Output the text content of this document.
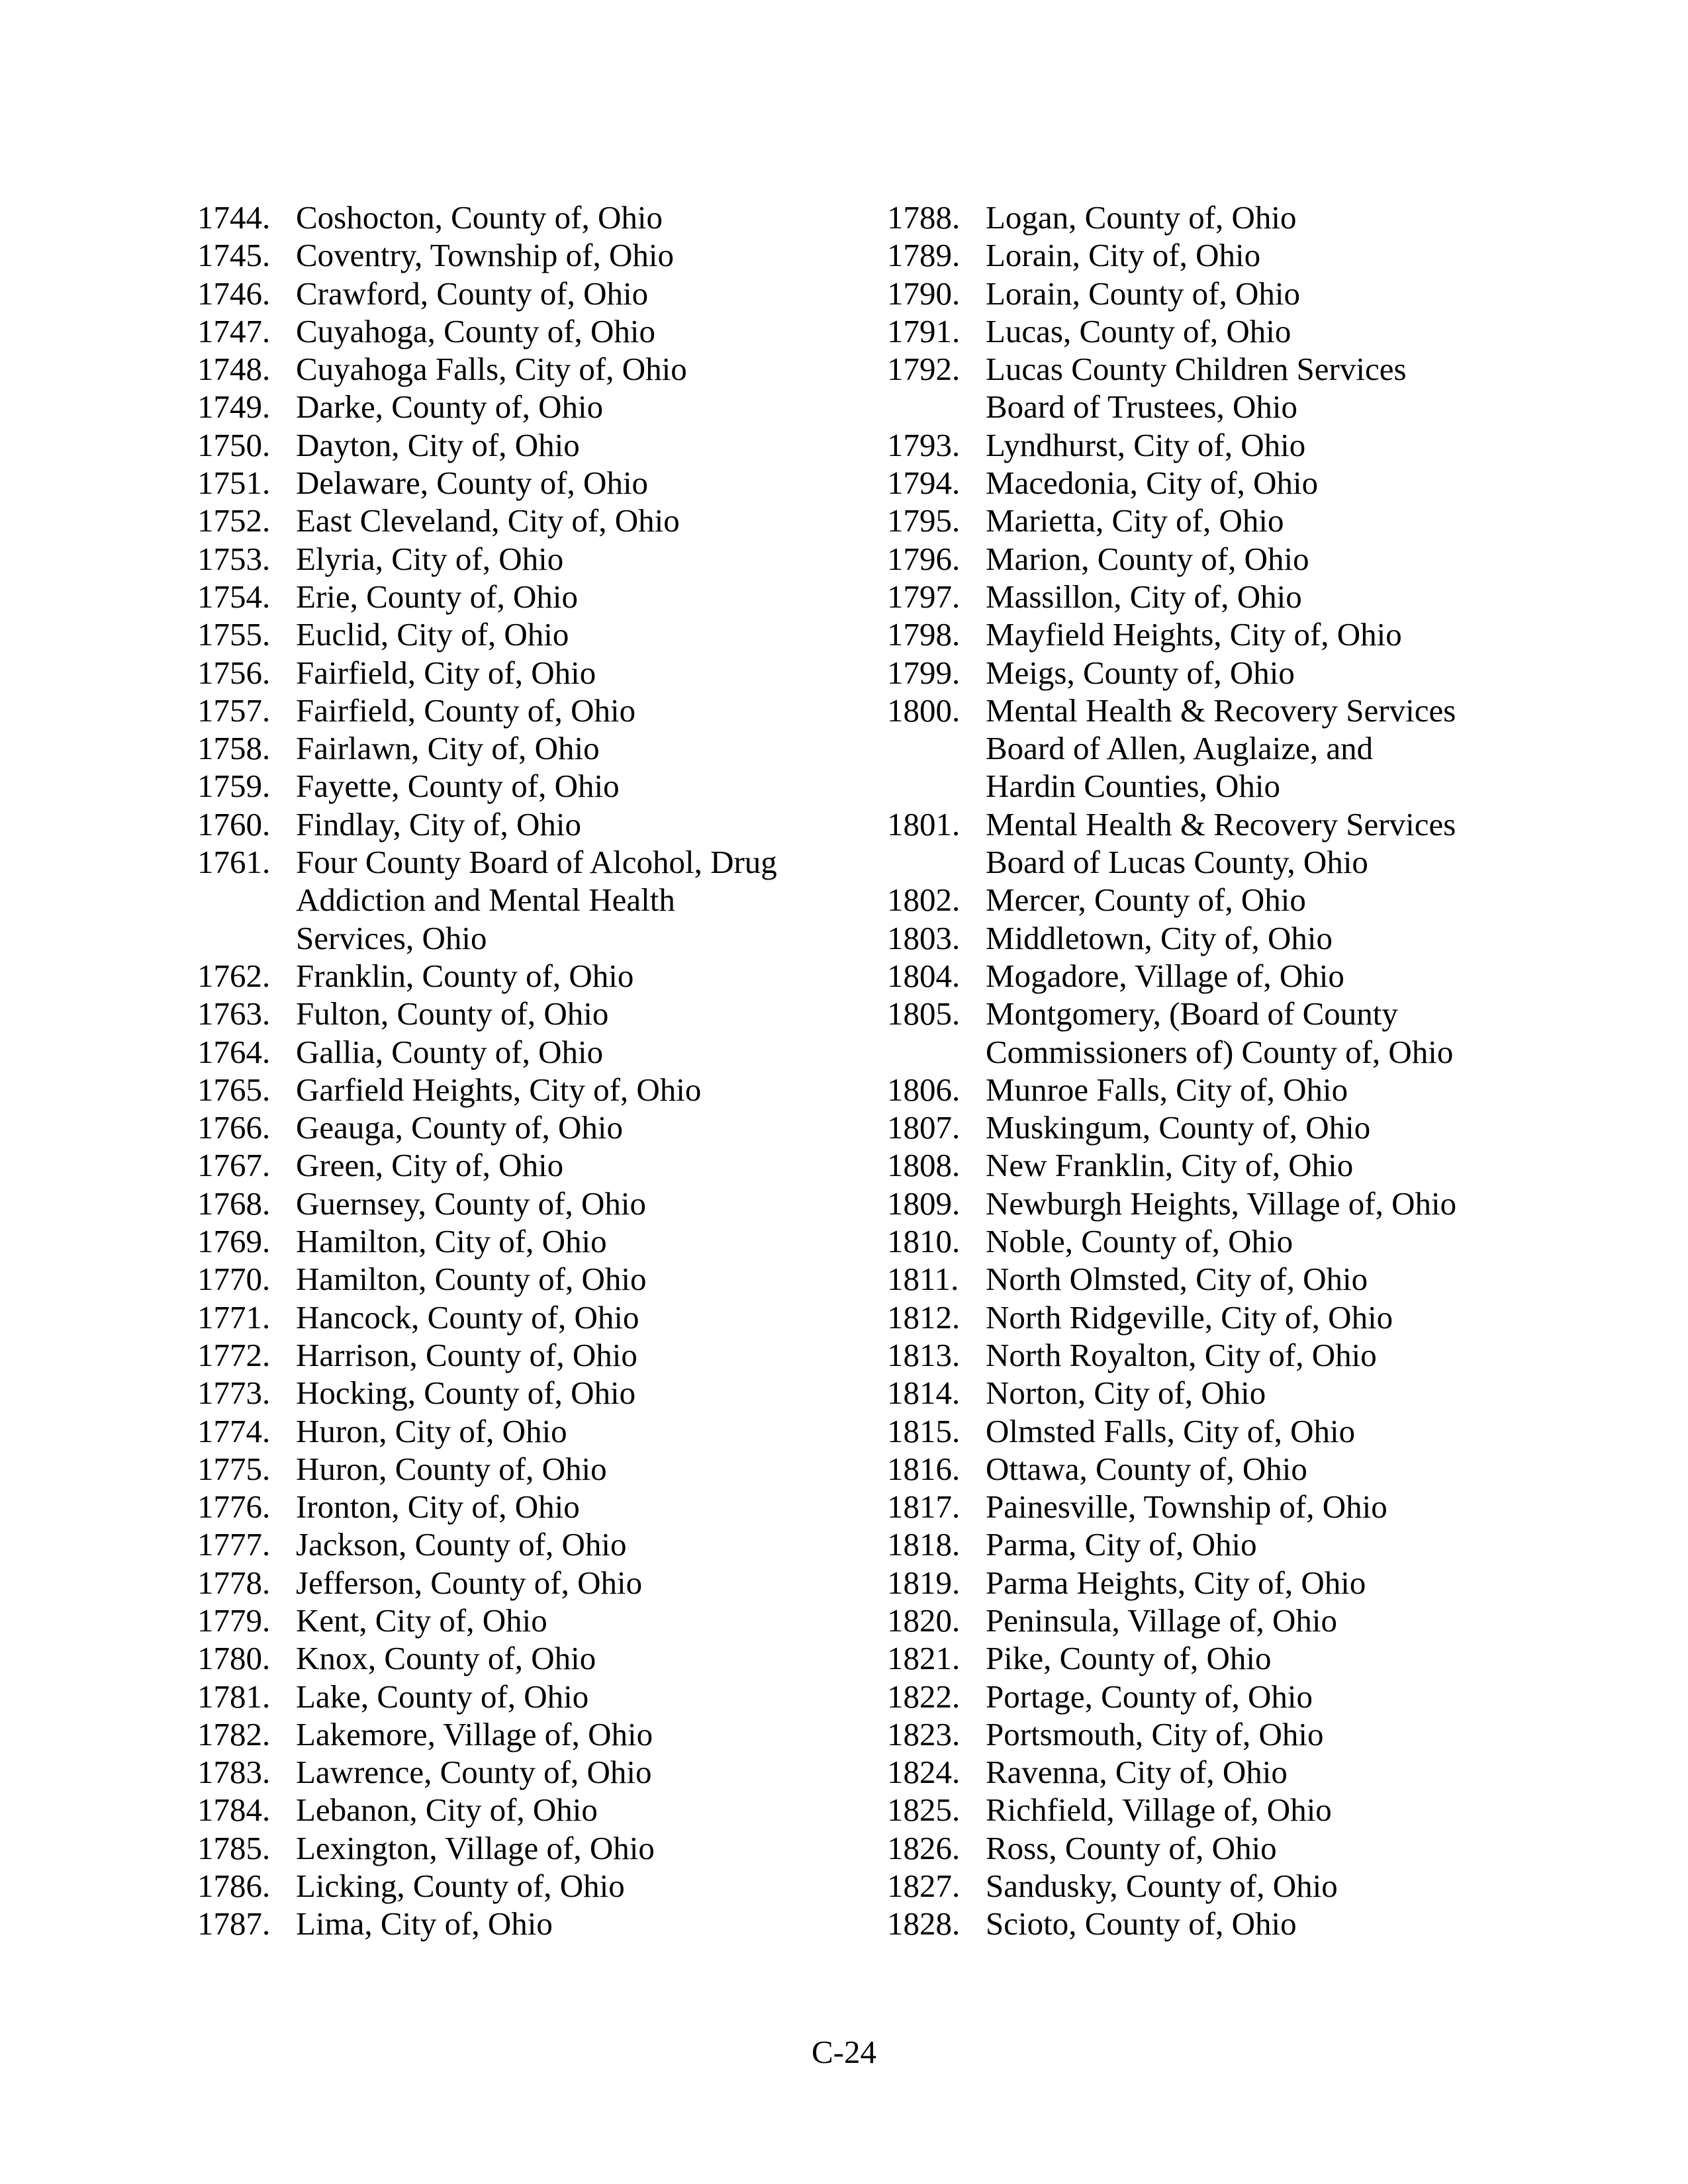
1744. Coshocton, County of, Ohio
1745. Coventry, Township of, Ohio
1746. Crawford, County of, Ohio
1747. Cuyahoga, County of, Ohio
1748. Cuyahoga Falls, City of, Ohio
1749. Darke, County of, Ohio
1750. Dayton, City of, Ohio
1751. Delaware, County of, Ohio
1752. East Cleveland, City of, Ohio
1753. Elyria, City of, Ohio
1754. Erie, County of, Ohio
1755. Euclid, City of, Ohio
1756. Fairfield, City of, Ohio
1757. Fairfield, County of, Ohio
1758. Fairlawn, City of, Ohio
1759. Fayette, County of, Ohio
1760. Findlay, City of, Ohio
1761. Four County Board of Alcohol, Drug
Addiction and Mental Health
Services, Ohio
1762. Franklin, County of, Ohio
1763. Fulton, County of, Ohio
1764. Gallia, County of, Ohio
1765. Garfield Heights, City of, Ohio
1766. Geauga, County of, Ohio
1767. Green, City of, Ohio
1768. Guernsey, County of, Ohio
1769. Hamilton, City of, Ohio
1770. Hamilton, County of, Ohio
1771. Hancock, County of, Ohio
1772. Harrison, County of, Ohio
1773. Hocking, County of, Ohio
1774. Huron, City of, Ohio
1775. Huron, County of, Ohio
1776. Ironton, City of, Ohio
1777. Jackson, County of, Ohio
1778. Jefferson, County of, Ohio
1779. Kent, City of, Ohio
1780. Knox, County of, Ohio
1781. Lake, County of, Ohio
1782. Lakemore, Village of, Ohio
1783. Lawrence, County of, Ohio
1784. Lebanon, City of, Ohio
1785. Lexington, Village of, Ohio
1786. Licking, County of, Ohio
1787. Lima, City of, Ohio
1788. Logan, County of, Ohio
1789. Lorain, City of, Ohio
1790. Lorain, County of, Ohio
1791. Lucas, County of, Ohio
1792. Lucas County Children Services
Board of Trustees, Ohio
1793. Lyndhurst, City of, Ohio
1794. Macedonia, City of, Ohio
1795. Marietta, City of, Ohio
1796. Marion, County of, Ohio
1797. Massillon, City of, Ohio
1798. Mayfield Heights, City of, Ohio
1799. Meigs, County of, Ohio
1800. Mental Health & Recovery Services
Board of Allen, Auglaize, and
Hardin Counties, Ohio
1801. Mental Health & Recovery Services
Board of Lucas County, Ohio
1802. Mercer, County of, Ohio
1803. Middletown, City of, Ohio
1804. Mogadore, Village of, Ohio
1805. Montgomery, (Board of County
Commissioners of) County of, Ohio
1806. Munroe Falls, City of, Ohio
1807. Muskingum, County of, Ohio
1808. New Franklin, City of, Ohio
1809. Newburgh Heights, Village of, Ohio
1810. Noble, County of, Ohio
1811. North Olmsted, City of, Ohio
1812. North Ridgeville, City of, Ohio
1813. North Royalton, City of, Ohio
1814. Norton, City of, Ohio
1815. Olmsted Falls, City of, Ohio
1816. Ottawa, County of, Ohio
1817. Painesville, Township of, Ohio
1818. Parma, City of, Ohio
1819. Parma Heights, City of, Ohio
1820. Peninsula, Village of, Ohio
1821. Pike, County of, Ohio
1822. Portage, County of, Ohio
1823. Portsmouth, City of, Ohio
1824. Ravenna, City of, Ohio
1825. Richfield, Village of, Ohio
1826. Ross, County of, Ohio
1827. Sandusky, County of, Ohio
1828. Scioto, County of, Ohio
C-24
